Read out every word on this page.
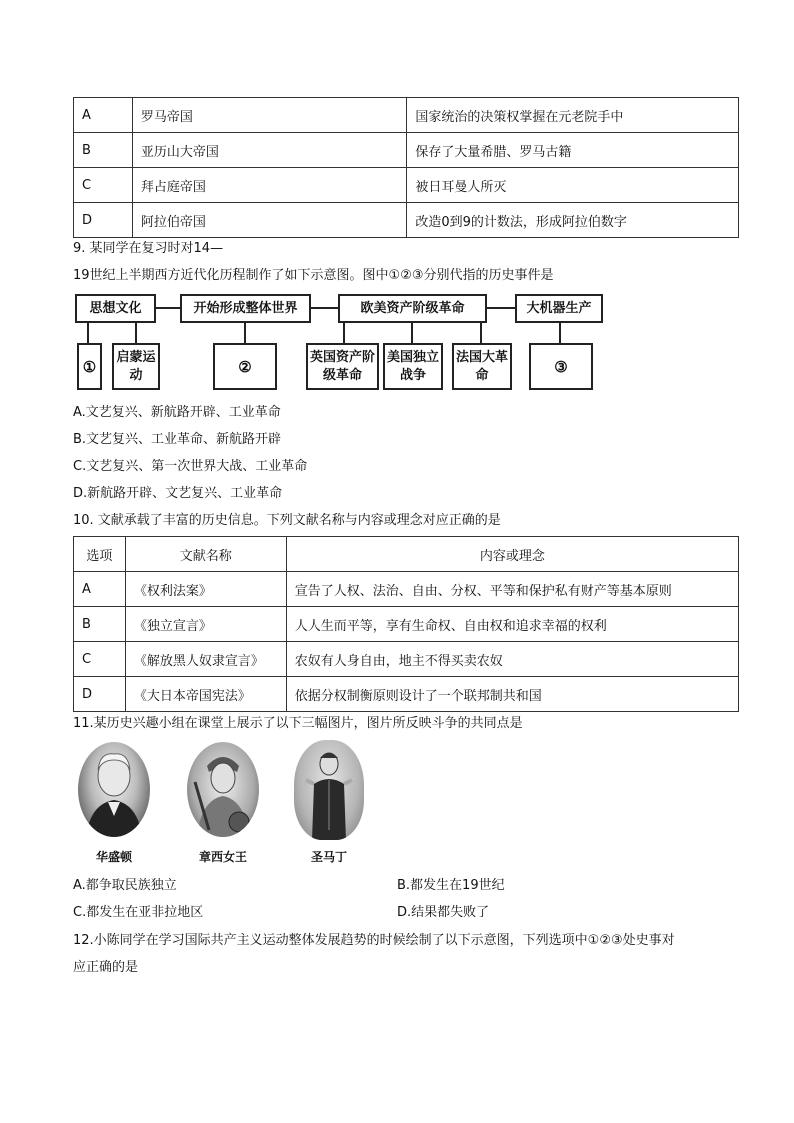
A	罗马帝国	国家统治的决策权掌握在元老院手中
B	亚历山大帝国	保存了大量希腊、罗马古籍
C	拜占庭帝国	被日耳曼人所灭
D	阿拉伯帝国	改造0到9的计数法，形成阿拉伯数字
9. 某同学在复习时对14—
19世纪上半期西方近代化历程制作了如下示意图。图中①②③分别代指的历史事件是
思想文化	开始形成整体世界	欧美资产阶级革命	大机器生产
①
启蒙运动	②
英国资产阶级革命
美国独立战争
法国大革命	③
A.文艺复兴、新航路开辟、工业革命
B.文艺复兴、工业革命、新航路开辟
C.文艺复兴、第一次世界大战、工业革命
D.新航路开辟、文艺复兴、工业革命
10. 文献承载了丰富的历史信息。下列文献名称与内容或理念对应正确的是
选项	文献名称	内容或理念
A	《权利法案》	宣告了人权、法治、自由、分权、平等和保护私有财产等基本原则
B	《独立宣言》	人人生而平等，享有生命权、自由权和追求幸福的权利
C	《解放黑人奴隶宣言》	农奴有人身自由，地主不得买卖农奴
D	《大日本帝国宪法》	依据分权制衡原则设计了一个联邦制共和国
11.某历史兴趣小组在课堂上展示了以下三幅图片，图片所反映斗争的共同点是
华盛顿	章西女王	圣马丁
A.都争取民族独立	B.都发生在19世纪
C.都发生在亚非拉地区	D.结果都失败了
12.小陈同学在学习国际共产主义运动整体发展趋势的时候绘制了以下示意图，下列选项中①②③处史事对
应正确的是
